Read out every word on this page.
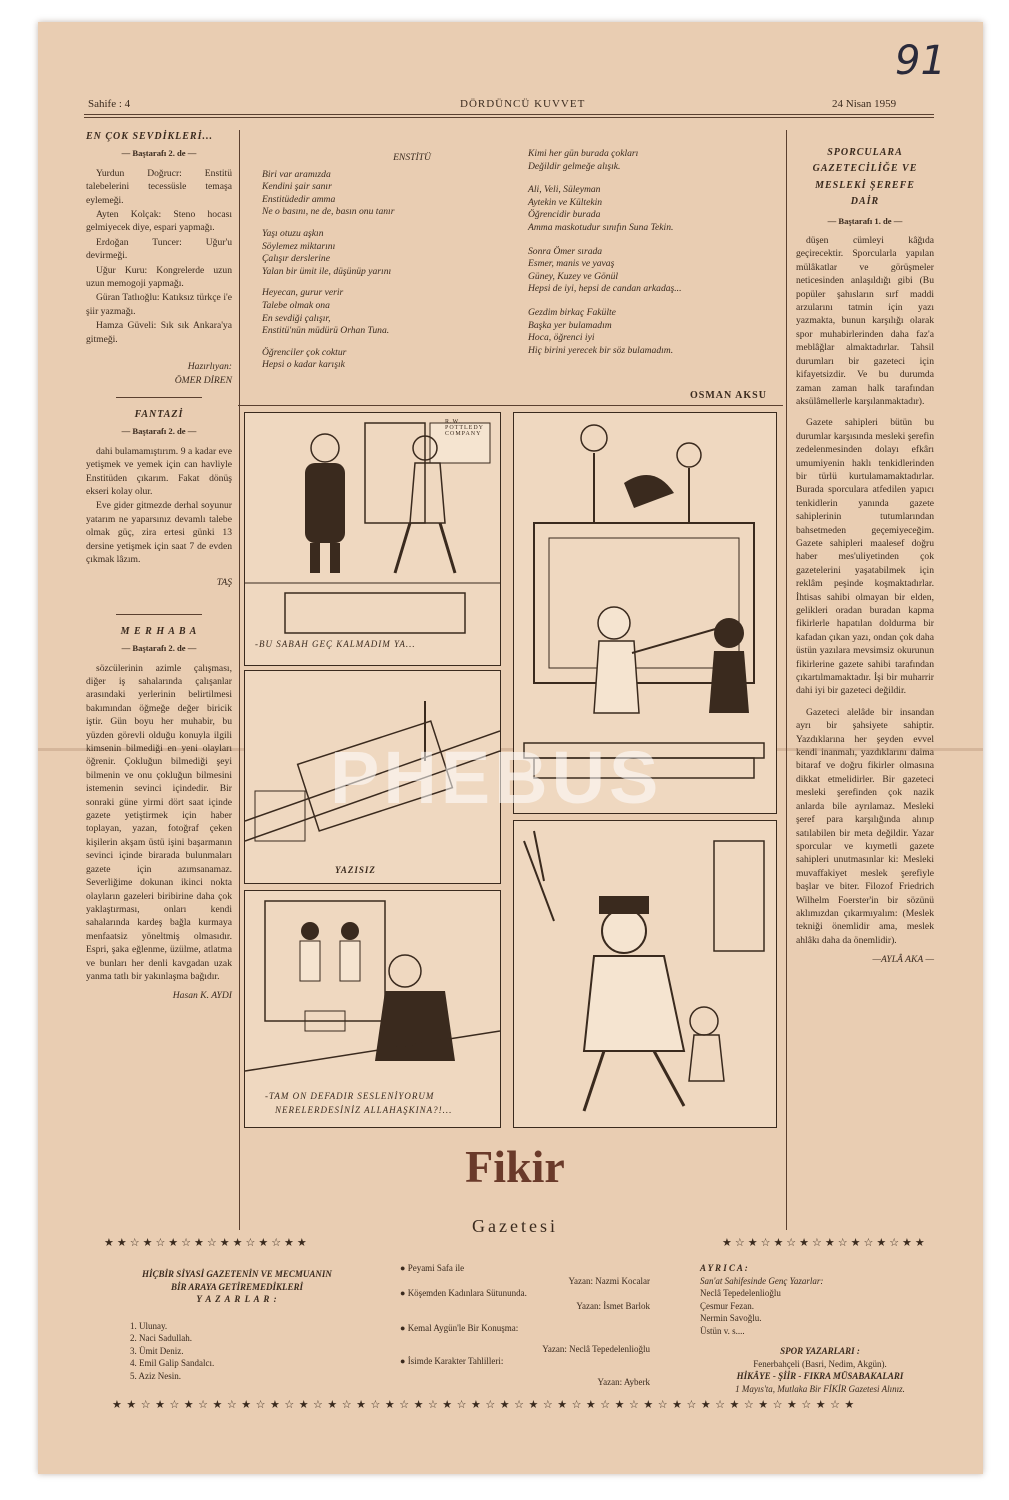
91
Sahife : 4	DÖRDÜNCÜ KUVVET	24 Nisan 1959
EN ÇOK SEVDİKLERİ...
— Baştarafı 2. de —

Yurdun Doğrucr: Enstitü talebelerini tecessüsle temaşa eylemeği.

Ayten Kolçak: Steno hocası gelmiyecek diye, espari yapmağı.

Erdoğan Tuncer: Uğur'u devirmeği.

Uğur Kuru: Kongrelerde uzun uzun memogoji yapmağı.

Güran Tatlıoğlu: Katıksız türkçe i'e şiir yazmağı.

Hamza Güveli: Sık sık Ankara'ya gitmeği.

Hazırlıyan:
ÖMER DİREN
FANTAZİ
— Baştarafı 2. de —

dahi bulamamıştırım. 9 a kadar eve yetişmek ve yemek için can havliyle Enstitüden çıkarım. Fakat dönüş ekseri kolay olur.

Eve gider gitmezde derhal soyunur yatarım ne yaparsınız devamlı talebe olmak güç, zira ertesi günki 13 dersine yetişmek için saat 7 de evden çıkmak lâzım.

TAŞ
M E R H A B A
— Baştarafı 2. de —

sözcülerinin azimle çalışması, diğer iş sahalarında çalışanlar arasındaki yerlerinin belirtilmesi bakımından öğmeğe değer biricik iştir. Gün boyu her muhabir, bu yüzden görevli olduğu konuyla ilgili kimsenin bilmediği en yeni olayları öğrenir. Çokluğun bilmediği şeyi bilmenin ve onu çokluğun bilmesini istemenin sevinci içindedir. Bir sonraki güne yirmi dört saat içinde gazete yetiştirmek için haber toplayan, yazan, fotoğraf çeken kişilerin akşam üstü işini başarmanın sevinci içinde birarada bulunmaları gazete için azımsanamaz. Severliğime dokunan ikinci nokta olayların gazeleri biribirine daha çok yaklaştırması, onları kendi sahalarında kardeş bağla kurmaya menfaatsiz yöneltmiş olmasıdır. Espri, şaka eğlenme, üzülme, atlatma ve bunları her denli kavgadan uzak yanma tatlı bir yakınlaşma bağıdır.

Hasan K. AYDI
ENSTİTÜ
Biri var aramızda
Kendini şair sanır
Enstitüdedir amma
Ne o basını, ne de, basın onu tanır
Yaşı otuzu aşkın
Söylemez miktarını
Çalışır derslerine
Yalan bir ümit ile, düşünüp yarını
Heyecan, gurur verir
Talebe olmak ona
En sevdiği çalışır,
Enstitü'nün müdürü Orhan Tuna.
Öğrenciler çok coktur
Hepsi o kadar karışık
Kimi her gün burada çokları
Değildir gelmeğe alışık.
Ali, Veli, Süleyman
Aytekin ve Kültekin
Öğrencidir burada
Amma maskotudur sınıfın Suna Tekin.
Sonra Ömer sırada
Esmer, manis ve yavaş
Güney, Kuzey ve Gönül
Hepsi de iyi, hepsi de candan arkadaş...
Gezdim birkaç Fakülte
Başka yer bulamadım
Hoca, öğrenci iyi
Hiç birini yerecek bir söz bulamadım.
OSMAN AKSU
R.W. POTTLEDY COMPANY
-BU SABAH GEÇ KALMADIM YA...
YAZISIZ
-TAM ON DEFADIR SESLENİYORUM
NERELERDESİNİZ ALLAHAŞKINA?!...
PHEBUS
SPORCULARA
GAZETECİLİĞE VE
MESLEKİ ŞEREFE
DAİR
— Baştarafı 1. de —

düşen cümleyi kâğıda geçirecektir. Sporcularla yapılan mülâkatlar ve görüşmeler neticesinden anlaşıldığı gibi (Bu popüler şahısların sırf maddi arzularını tatmin için yazı yazmakta, bunun karşılığı olarak spor muhabirlerinden daha faz'a meblâğlar almaktadırlar. Tahsil durumları bir gazeteci için kifayetsizdir. Ve bu durumda zaman zaman halk tarafından aksülâmellerle karşılanmaktadır).

Gazete sahipleri bütün bu durumlar karşısında mesleki şerefin zedelenmesinden dolayı efkârı umumiyenin haklı tenkidlerinden bir türlü kurtulamamaktadırlar. Burada sporculara atfedilen yapıcı tenkidlerin yanında gazete sahiplerinin tutumlarından bahsetmeden geçemiyeceğim. Gazete sahipleri maalesef doğru haber mes'uliyetinden çok gazetelerini yaşatabilmek için reklâm peşinde koşmaktadırlar. İhtisas sahibi olmayan bir elden, gelikleri oradan buradan kapma fikirlerle hapatılan doldurma bir kafadan çıkan yazı, ondan çok daha üstün yazılara mevsimsiz okurunun fikirlerine gazete sahibi tarafından çıkartılmamaktadır. İşi bir muharrir dahi iyi bir gazeteci değildir.

Gazeteci alelâde bir insandan ayrı bir şahsiyete sahiptir. Yazdıklarına her şeyden evvel kendi inanmalı, yazdıklarını daima bitaraf ve doğru fikirler olmasına dikkat etmelidirler. Bir gazeteci mesleki şerefinden çok nazik anlarda bile ayrılamaz. Mesleki şeref para karşılığında alınıp satılabilen bir meta değildir. Yazar sporcular ve kıymetli gazete sahipleri unutmasınlar ki: Mesleki muvaffakiyet meslek şerefiyle başlar ve biter. Filozof Friedrich Wilhelm Foerster'in bir sözünü aklımızdan çıkarmıyalım: (Meslek tekniği önemlidir ama, meslek ahlâkı daha da önemlidir).

—AYLÂ AKA —
Fikir
Gazetesi
★★☆★☆★☆★☆★★☆★☆★★	★☆★☆★☆★☆★☆★☆★☆★★
HİÇBİR SİYASİ GAZETENİN VE MECMUANIN
BİR ARAYA GETİREMEDİKLERİ
Y A Z A R L A R :
1. Ulunay.
2. Naci Sadullah.
3. Ümit Deniz.
4. Emil Galip Sandalcı.
5. Aziz Nesin.
● Peyami Safa ile
Yazan: Nazmi Kocalar
● Köşemden Kadınlara Sütununda.
Yazan: İsmet Barlok
● Kemal Aygün'le Bir Konuşma:
Yazan: Neclâ Tepedelenlioğlu
● İsimde Karakter Tahlilleri:
Yazan: Ayberk
A Y R I C A :
San'at Sahifesinde Genç Yazarlar:
Neclâ Tepedelenlioğlu
Çesmur Fezan.
Nermin Savoğlu.
Üstün v. s....
SPOR YAZARLARI :
Fenerbahçeli (Basri, Nedim, Akgün).
HİKÂYE - ŞİİR - FIKRA MÜSABAKALARI
1 Mayıs'ta, Mutlaka Bir FİKİR Gazetesi Alınız.
★★☆★☆★☆★☆★☆★☆★☆★☆★☆★☆★☆★☆★☆★☆★☆★☆★☆★☆★☆★☆★☆★☆★☆★☆★☆★
